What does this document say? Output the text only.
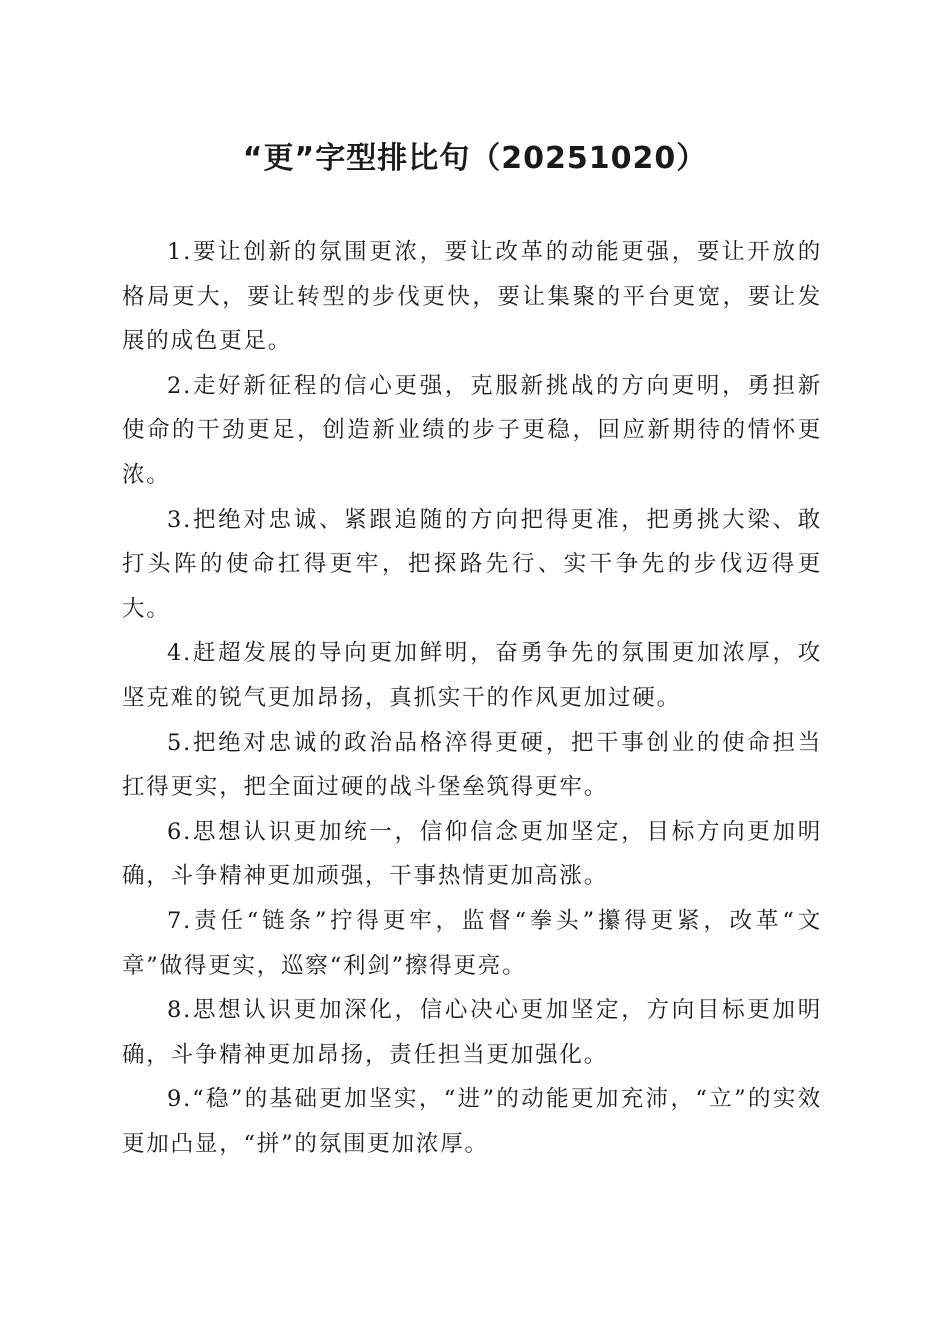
“更”字型排比句（20251020）

1.要让创新的氛围更浓，要让改革的动能更强，要让开放的格局更大，要让转型的步伐更快，要让集聚的平台更宽，要让发展的成色更足。

2.走好新征程的信心更强，克服新挑战的方向更明，勇担新使命的干劲更足，创造新业绩的步子更稳，回应新期待的情怀更浓。

3.把绝对忠诚、紧跟追随的方向把得更准，把勇挑大梁、敢打头阵的使命扛得更牢，把探路先行、实干争先的步伐迈得更大。

4.赶超发展的导向更加鲜明，奋勇争先的氛围更加浓厚，攻坚克难的锐气更加昂扬，真抓实干的作风更加过硬。

5.把绝对忠诚的政治品格淬得更硬，把干事创业的使命担当扛得更实，把全面过硬的战斗堡垒筑得更牢。

6.思想认识更加统一，信仰信念更加坚定，目标方向更加明确，斗争精神更加顽强，干事热情更加高涨。

7.责任“链条”拧得更牢，监督“拳头”攥得更紧，改革“文章”做得更实，巡察“利剑”擦得更亮。

8.思想认识更加深化，信心决心更加坚定，方向目标更加明确，斗争精神更加昂扬，责任担当更加强化。

9.“稳”的基础更加坚实，“进”的动能更加充沛，“立”的实效更加凸显，“拼”的氛围更加浓厚。
